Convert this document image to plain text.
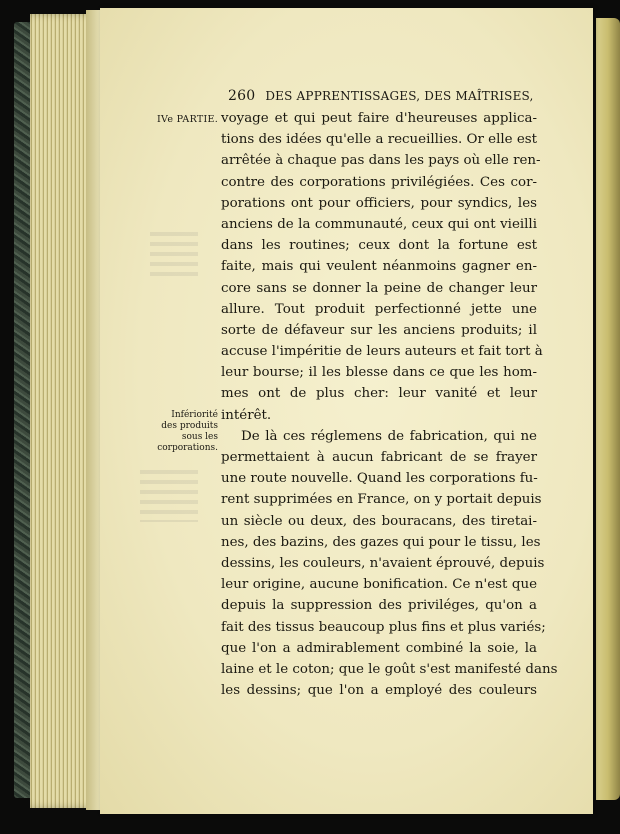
260 DES APPRENTISSAGES, DES MAÎTRISES,
IVe PARTIE.
Infériorité
des produits
sous les
corporations.
voyage et qui peut faire d'heureuses applica-
tions des idées qu'elle a recueillies. Or elle est
arrêtée à chaque pas dans les pays où elle ren-
contre des corporations privilégiées. Ces cor-
porations ont pour officiers, pour syndics, les
anciens de la communauté, ceux qui ont vieilli
dans les routines; ceux dont la fortune est
faite, mais qui veulent néanmoins gagner en-
core sans se donner la peine de changer leur
allure. Tout produit perfectionné jette une
sorte de défaveur sur les anciens produits; il
accuse l'impéritie de leurs auteurs et fait tort à
leur bourse; il les blesse dans ce que les hom-
mes ont de plus cher: leur vanité et leur
intérêt.
De là ces réglemens de fabrication, qui ne
permettaient à aucun fabricant de se frayer
une route nouvelle. Quand les corporations fu-
rent supprimées en France, on y portait depuis
un siècle ou deux, des bouracans, des tiretai-
nes, des bazins, des gazes qui pour le tissu, les
dessins, les couleurs, n'avaient éprouvé, depuis
leur origine, aucune bonification. Ce n'est que
depuis la suppression des priviléges, qu'on a
fait des tissus beaucoup plus fins et plus variés;
que l'on a admirablement combiné la soie, la
laine et le coton; que le goût s'est manifesté dans
les dessins; que l'on a employé des couleurs
